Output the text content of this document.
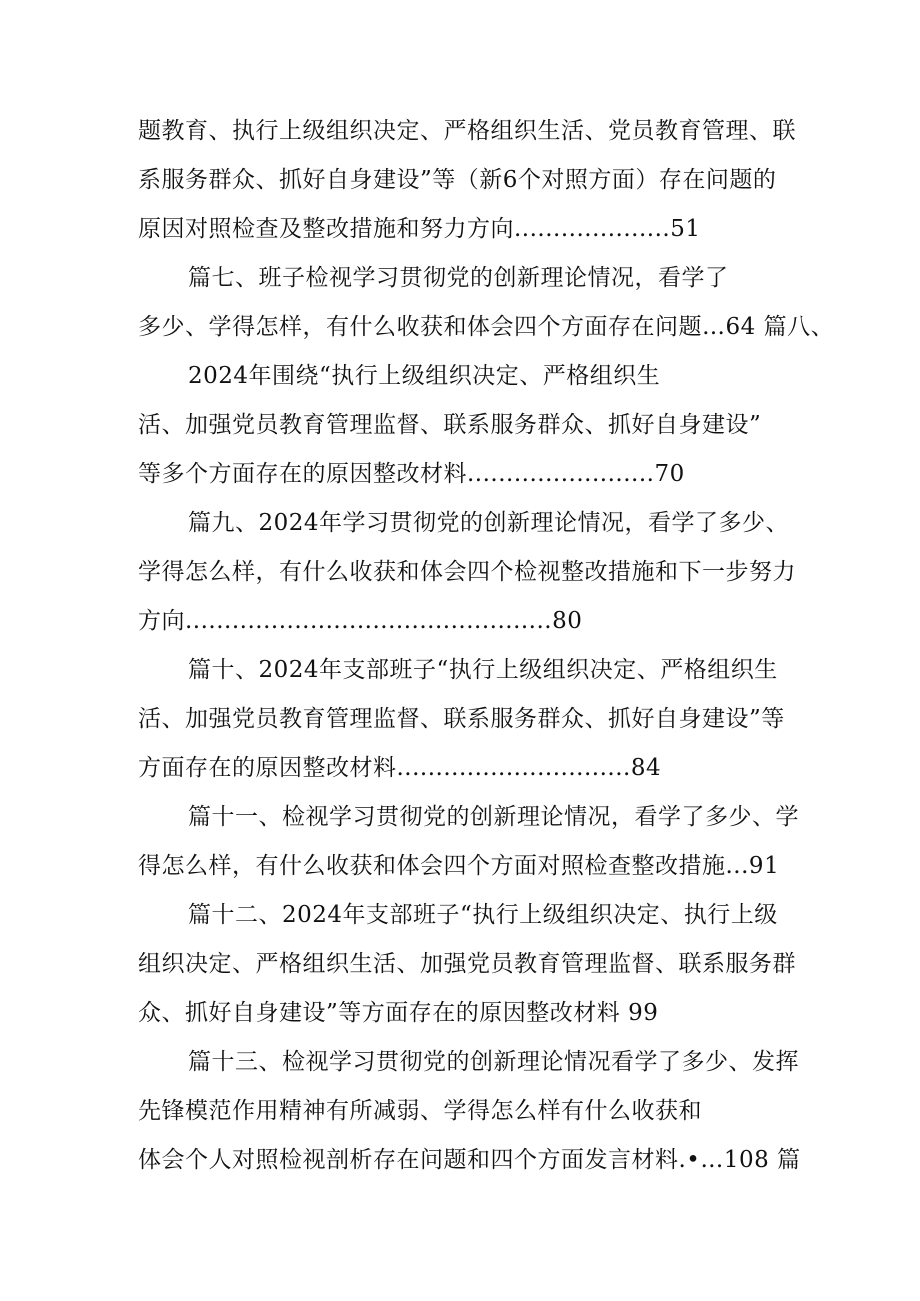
题教育、执行上级组织决定、严格组织生活、党员教育管理、联
系服务群众、抓好自身建设”等（新6个对照方面）存在问题的
原因对照检查及整改措施和努力方向....................51
篇七、班子检视学习贯彻党的创新理论情况，看学了
多少、学得怎样，有什么收获和体会四个方面存在问题…64 篇八、
2024年围绕“执行上级组织决定、严格组织生
活、加强党员教育管理监督、联系服务群众、抓好自身建设”
等多个方面存在的原因整改材料........................70
篇九、2024年学习贯彻党的创新理论情况，看学了多少、
学得怎么样，有什么收获和体会四个检视整改措施和下一步努力
方向...............................................80
篇十、2024年支部班子“执行上级组织决定、严格组织生
活、加强党员教育管理监督、联系服务群众、抓好自身建设”等
方面存在的原因整改材料..............................84
篇十一、检视学习贯彻党的创新理论情况，看学了多少、学
得怎么样，有什么收获和体会四个方面对照检查整改措施...91
篇十二、2024年支部班子“执行上级组织决定、执行上级
组织决定、严格组织生活、加强党员教育管理监督、联系服务群
众、抓好自身建设”等方面存在的原因整改材料 99
篇十三、检视学习贯彻党的创新理论情况看学了多少、发挥
先锋模范作用精神有所减弱、学得怎么样有什么收获和
体会个人对照检视剖析存在问题和四个方面发言材料.•…108 篇
